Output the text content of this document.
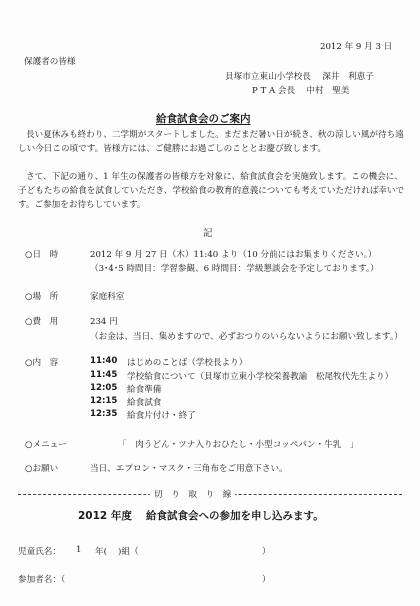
2012 年 9 月 3 日
保護者の皆様
貝塚市立東山小学校長　 深井　利恵子
P T A 会長　 中村　聖美
給食試食会のご案内
長い夏休みも終わり、二学期がスタートしました。まだまだ暑い日が続き、秋の涼しい風が待ち遠しい今日この頃です。皆様方には、ご健勝にお過ごしのこととお慶び致します。
さて、下記の通り、1 年生の保護者の皆様方を対象に、給食試食会を実施致します。この機会に、子どもたちの給食を試食していただき、学校給食の教育的意義についても考えていただければ幸いです。ご参加をお待ちしています。
記
○日　時	2012 年 9 月 27 日（木）11:40 より（10 分前にはお集まりください。）
（3･4･5 時間目：学習参観、6 時間目：学級懇談会を予定しております。）
○場　所	家庭科室
○費　用	234 円
（お金は、当日、集めますので、必ずおつりのいらないようにお願い致します。）
○内　容	11:40 はじめのことば（学校長より）
11:45 学校給食について（貝塚市立東小学校栄養教諭　松尾牧代先生より）
12:05 給食準備
12:15 給食試食
12:35 給食片付け・終了
○メニュー	「　肉うどん・ツナ入りおひたし・小型コッペパン・牛乳　」
○お願い	当日、エプロン・マスク・三角布をご用意下さい。
切　り　取　り　線
2012 年度　 給食試食会への参加を申し込みます。
児童氏名： 1 年( )組（	）
参加者名：（	）
